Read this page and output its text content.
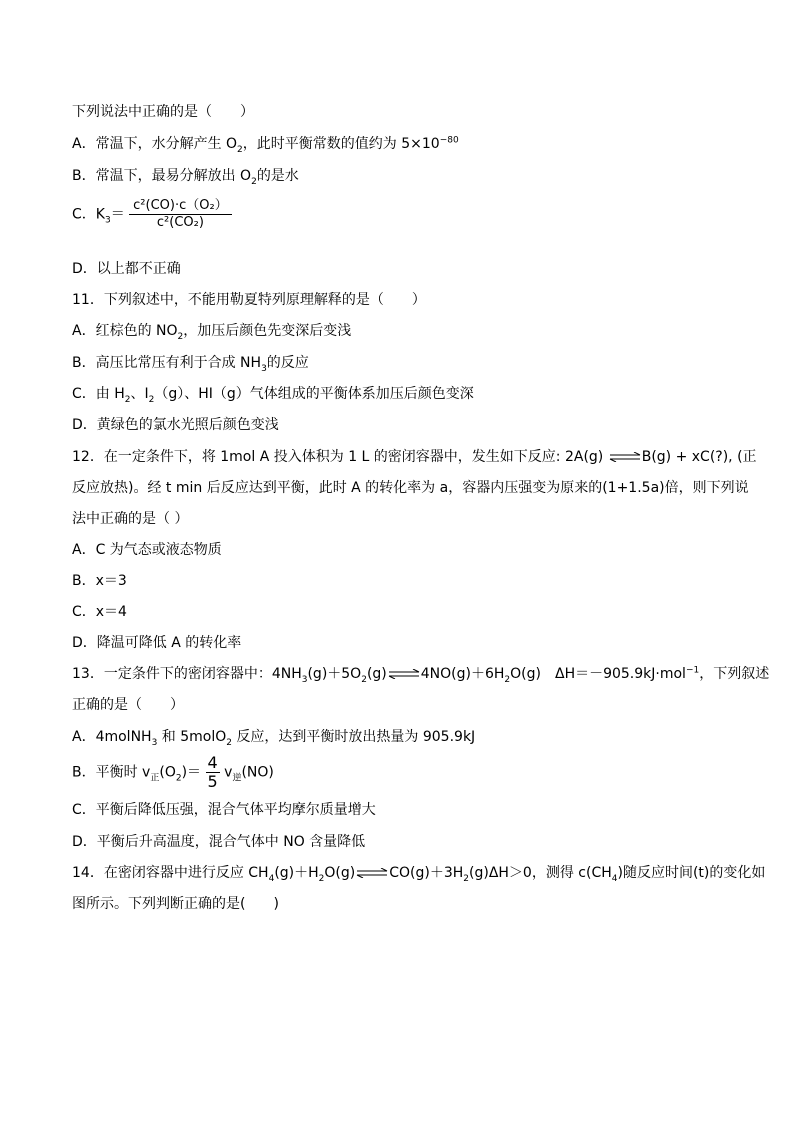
下列说法中正确的是（　　）
A．常温下，水分解产生 $O_2$，此时平衡常数的值约为 $5\times 10^{-80}$
B．常温下，最易分解放出 $O_2$的是水
C．$K_3= \frac{\text{c²(CO)·c（O₂）}}{\text{c²(CO₂)}}$
D．以上都不正确
11．下列叙述中，不能用勒夏特列原理解释的是（　　）
A．红棕色的 $NO_2$，加压后颜色先变深后变浅
B．高压比常压有利于合成 $NH_3$的反应
C．由 $H_2$、$I_2(g)$、HI（g）气体组成的平衡体系加压后颜色变深
D．黄绿色的氯水光照后颜色变浅
12．在一定条件下，将 1mol A 投入体积为 1 L 的密闭容器中，发生如下反应: 2A(g) ⇌B(g) + xC(?), (正
反应放热)。经 t min 后反应达到平衡，此时 A 的转化率为 a，容器内压强变为原来的(1+1.5a)倍，则下列说
法中正确的是（ ）
A．C 为气态或液态物质
B．x＝3
C．x＝4
D．降温可降低 A 的转化率
13．一定条件下的密闭容器中：$4NH_3(g)+5O_2(g)\rightleftharpoons 4NO(g)+6H_2O(g)$　ΔH＝－905.9kJ·mol$^{-1}$，下列叙述
正确的是（　　）
A．4molNH$_3$ 和 5molO$_2$ 反应，达到平衡时放出热量为 905.9kJ
B．平衡时 $v_正(O_2)= \frac{4}{5} v_逆(NO)$
C．平衡后降低压强，混合气体平均摩尔质量增大
D．平衡后升高温度，混合气体中 NO 含量降低
14．在密闭容器中进行反应 $CH_4(g)+H_2O(g)\rightleftharpoons CO(g)+3H_2(g)\Delta H>0$，测得 $c(CH_4)$随反应时间(t)的变化如
图所示。下列判断正确的是(　　)
